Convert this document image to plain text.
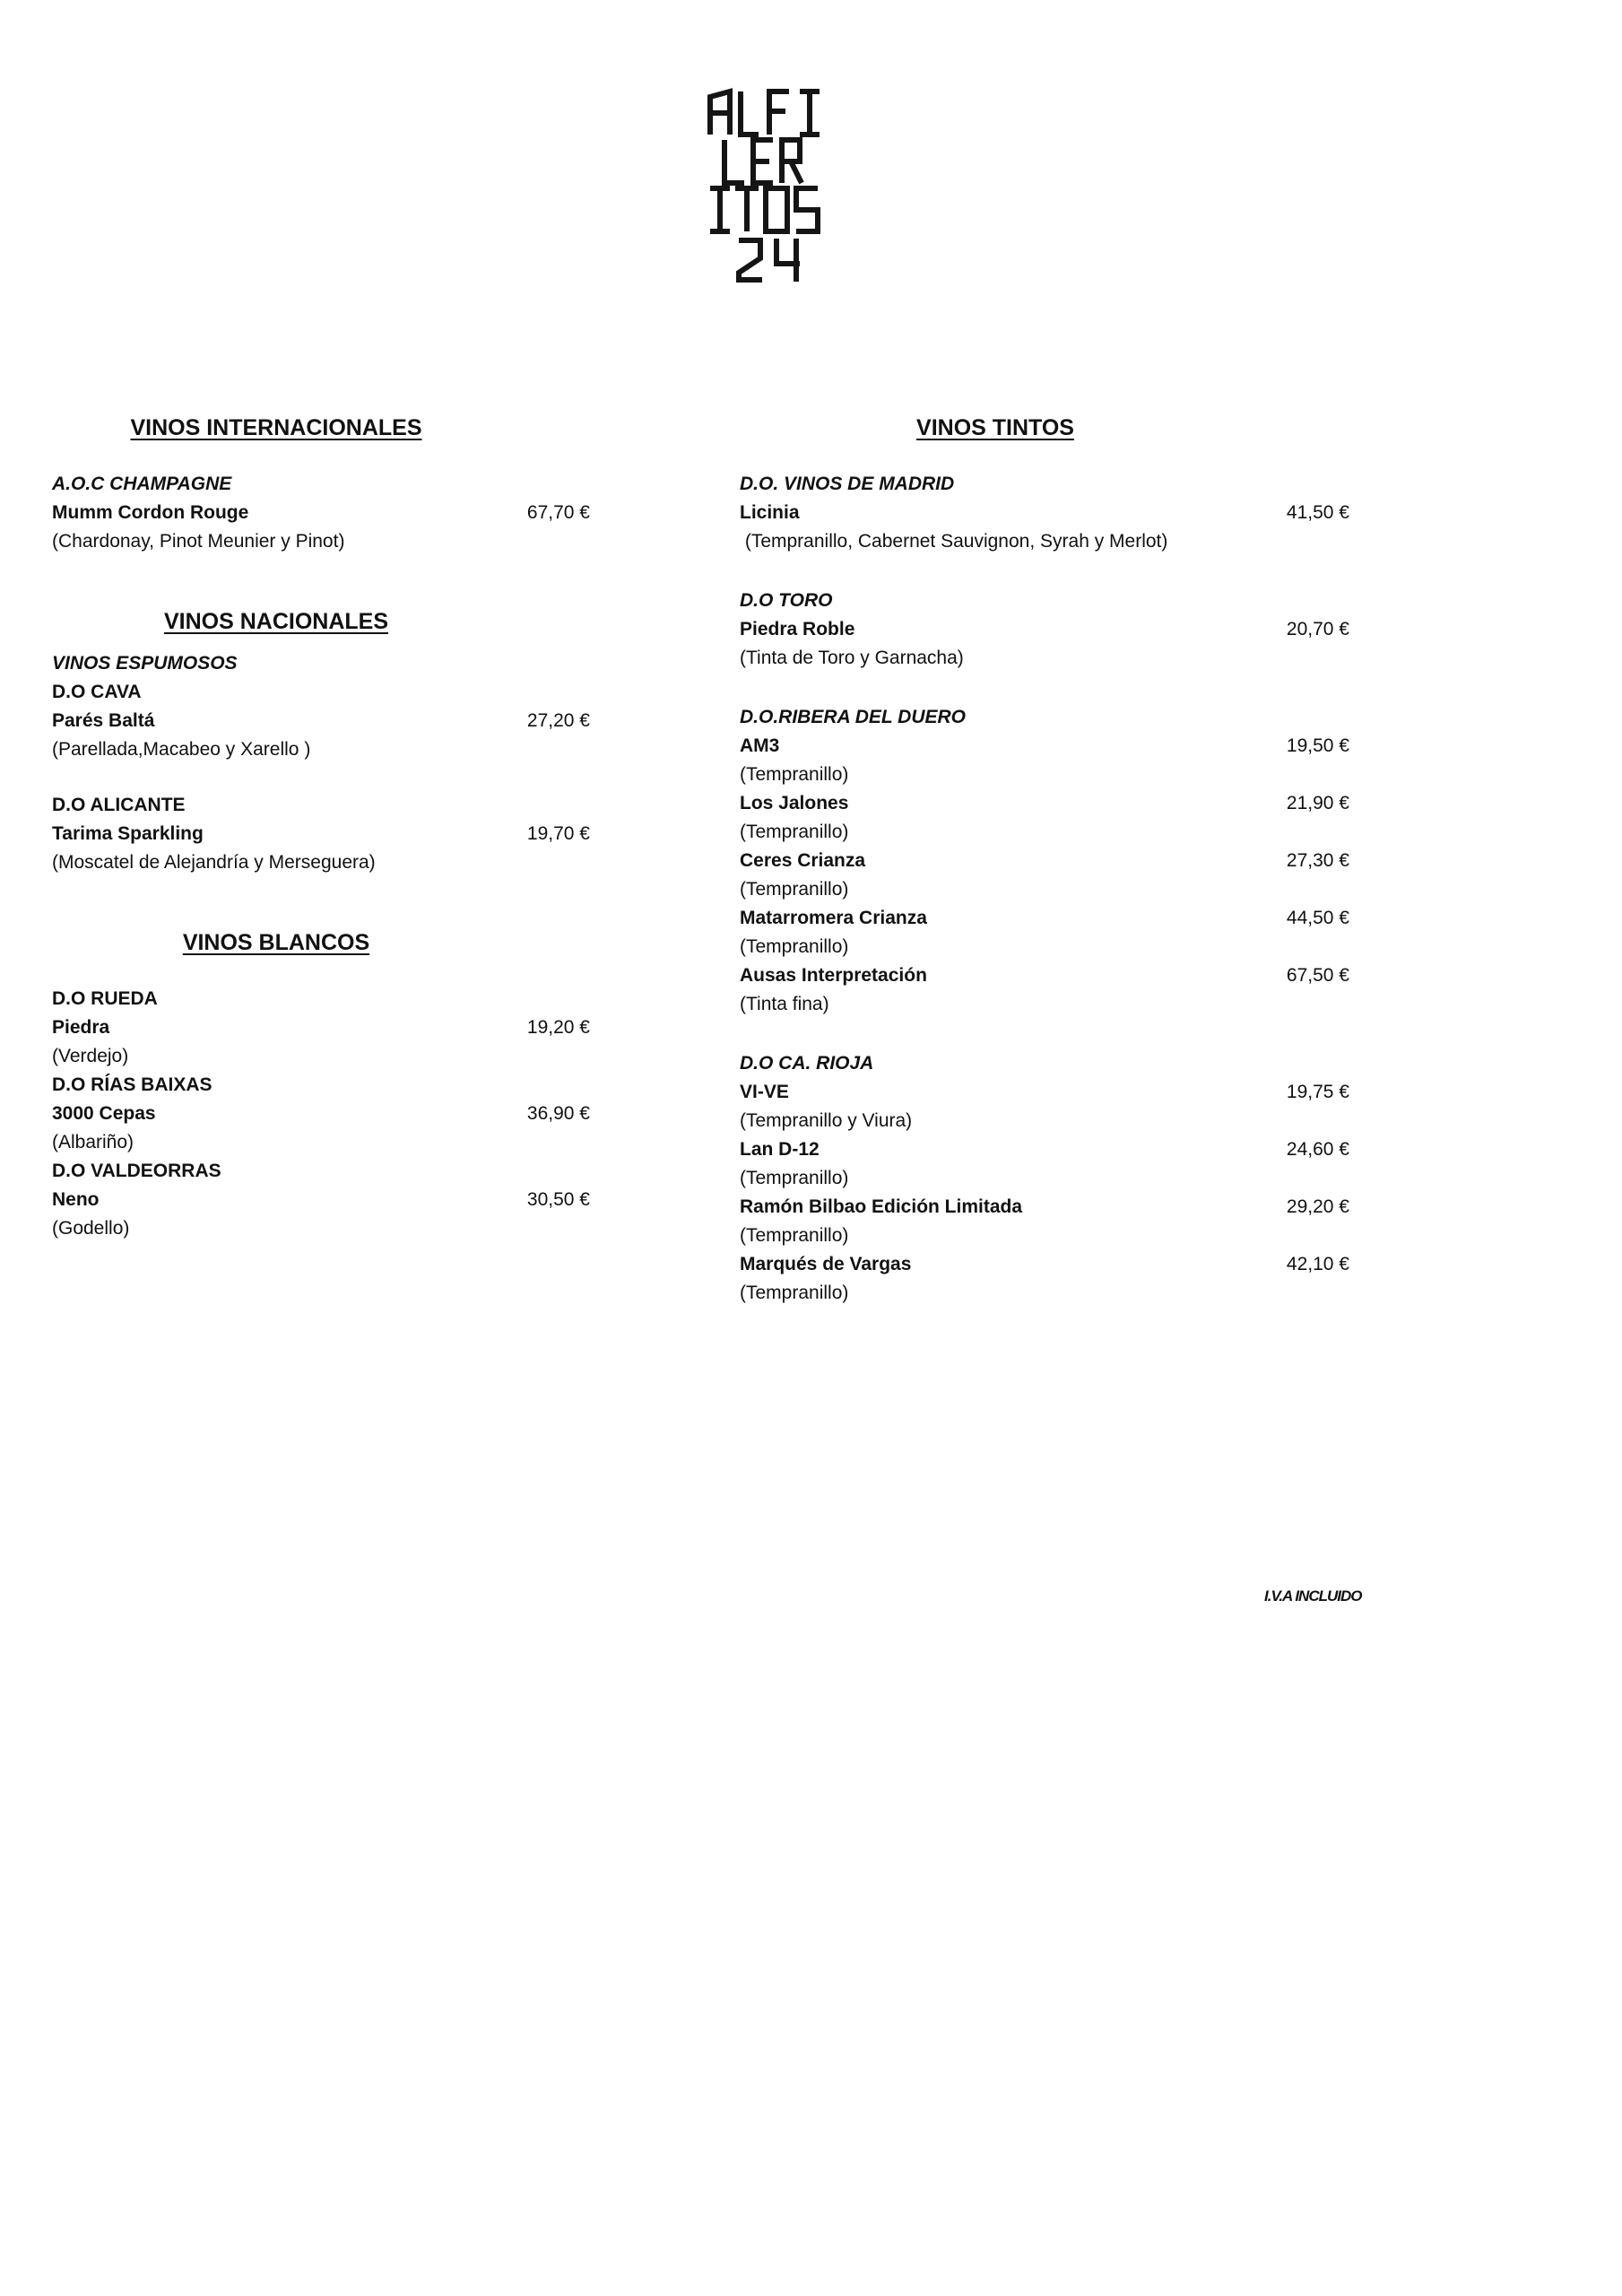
VINOS INTERNACIONALES

A.O.C CHAMPAGNE

Mumm Cordon Rouge	67,70 €

(Chardonay, Pinot Meunier y Pinot)

VINOS NACIONALES

VINOS ESPUMOSOS

D.O CAVA

Parés Baltá	27,20 €

(Parellada,Macabeo y Xarello )

D.O ALICANTE

Tarima Sparkling	19,70 €

(Moscatel de Alejandría y Merseguera)

VINOS BLANCOS

D.O RUEDA

Piedra	19,20 €

(Verdejo)

D.O RÍAS BAIXAS

3000 Cepas	36,90 €

(Albariño)

D.O VALDEORRAS

Neno	30,50 €

(Godello)

VINOS TINTOS

D.O. VINOS DE MADRID

Licinia	41,50 €

(Tempranillo, Cabernet Sauvignon, Syrah y Merlot)

D.O TORO

Piedra Roble	20,70 €

(Tinta de Toro y Garnacha)

D.O.RIBERA DEL DUERO

AM3	19,50 €

(Tempranillo)

Los Jalones	21,90 €

(Tempranillo)

Ceres Crianza	27,30 €

(Tempranillo)

Matarromera Crianza	44,50 €

(Tempranillo)

Ausas Interpretación	67,50 €

(Tinta fina)

D.O CA. RIOJA

VI-VE	19,75 €

(Tempranillo y Viura)

Lan D-12	24,60 €

(Tempranillo)

Ramón Bilbao Edición Limitada	29,20 €

(Tempranillo)

Marqués de Vargas	42,10 €

(Tempranillo)

I.V.A INCLUIDO
